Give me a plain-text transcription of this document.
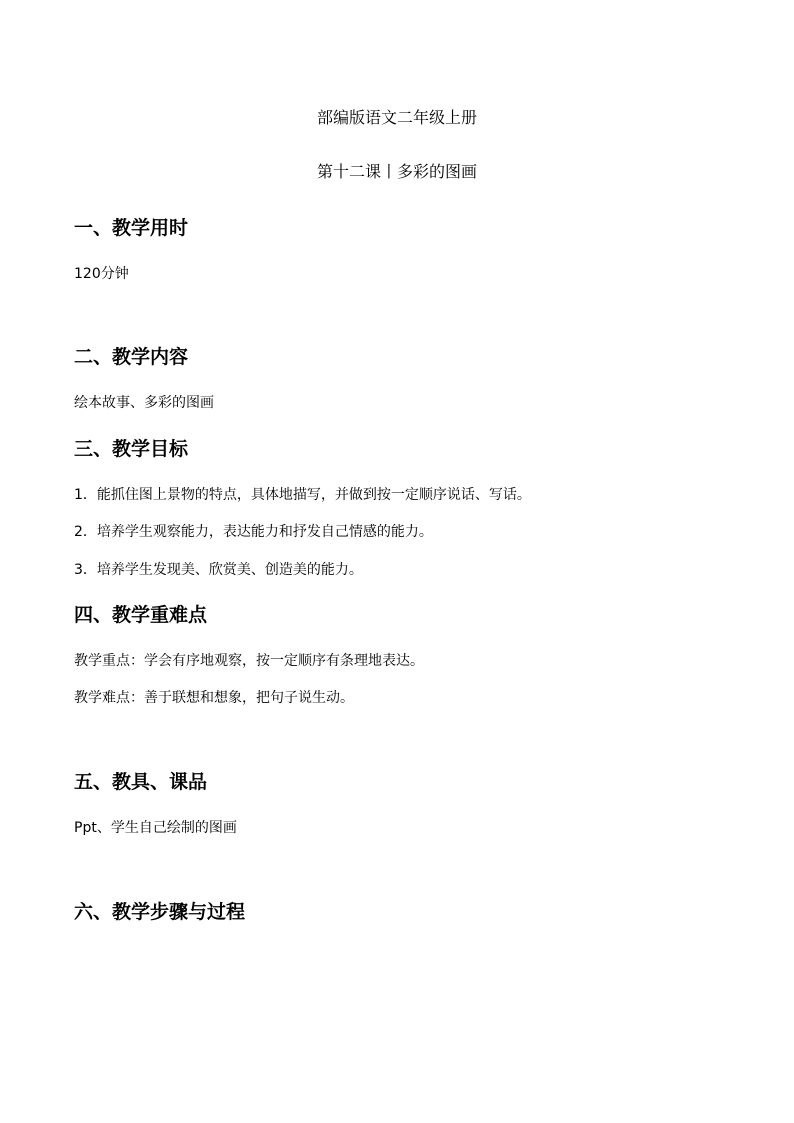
部编版语文二年级上册
第十二课丨多彩的图画
一、教学用时
120分钟
二、教学内容
绘本故事、多彩的图画
三、教学目标
1．能抓住图上景物的特点，具体地描写，并做到按一定顺序说话、写话。
2．培养学生观察能力，表达能力和抒发自己情感的能力。
3．培养学生发现美、欣赏美、创造美的能力。
四、教学重难点
教学重点：学会有序地观察，按一定顺序有条理地表达。
教学难点：善于联想和想象，把句子说生动。
五、教具、课品
Ppt、学生自己绘制的图画
六、教学步骤与过程
